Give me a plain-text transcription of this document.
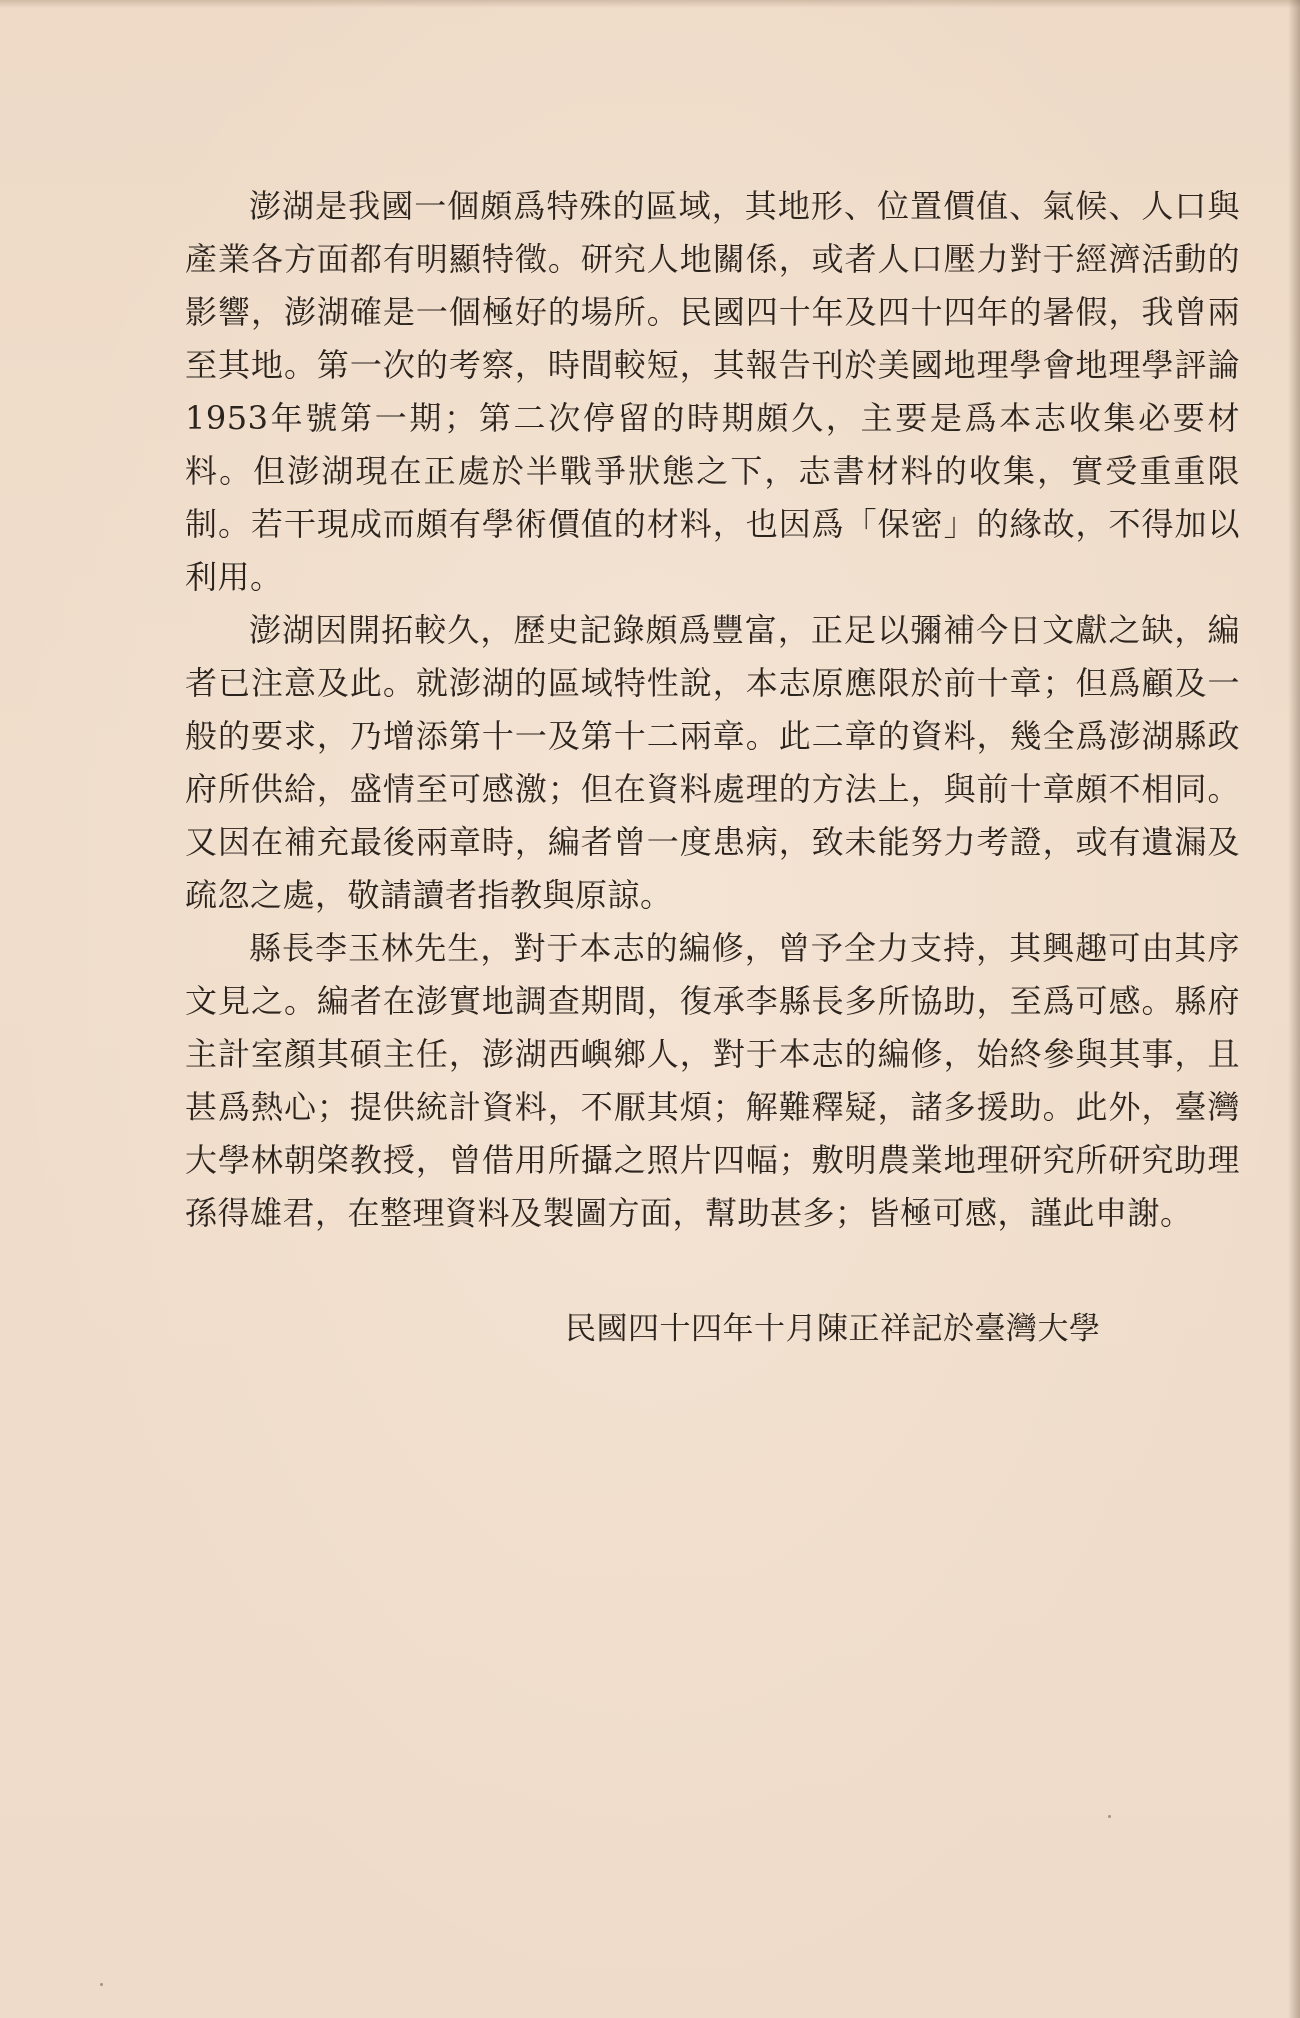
澎湖是我國一個頗爲特殊的區域，其地形、位置價值、氣候、人口與產業各方面都有明顯特徵。研究人地關係，或者人口壓力對于經濟活動的影響，澎湖確是一個極好的場所。民國四十年及四十四年的暑假，我曾兩至其地。第一次的考察，時間較短，其報告刊於美國地理學會地理學評論1953年號第一期；第二次停留的時期頗久，主要是爲本志收集必要材料。但澎湖現在正處於半戰爭狀態之下，志書材料的收集，實受重重限制。若干現成而頗有學術價值的材料，也因爲「保密」的緣故，不得加以利用。

澎湖因開拓較久，歷史記錄頗爲豐富，正足以彌補今日文獻之缺，編者已注意及此。就澎湖的區域特性說，本志原應限於前十章；但爲顧及一般的要求，乃增添第十一及第十二兩章。此二章的資料，幾全爲澎湖縣政府所供給，盛情至可感激；但在資料處理的方法上，與前十章頗不相同。又因在補充最後兩章時，編者曾一度患病，致未能努力考證，或有遺漏及疏忽之處，敬請讀者指教與原諒。

縣長李玉林先生，對于本志的編修，曾予全力支持，其興趣可由其序文見之。編者在澎實地調查期間，復承李縣長多所協助，至爲可感。縣府主計室顏其碩主任，澎湖西嶼鄉人，對于本志的編修，始終參與其事，且甚爲熱心；提供統計資料，不厭其煩；解難釋疑，諸多援助。此外，臺灣大學林朝棨教授，曾借用所攝之照片四幅；敷明農業地理研究所研究助理孫得雄君，在整理資料及製圖方面，幫助甚多；皆極可感，謹此申謝。

民國四十四年十月陳正祥記於臺灣大學
